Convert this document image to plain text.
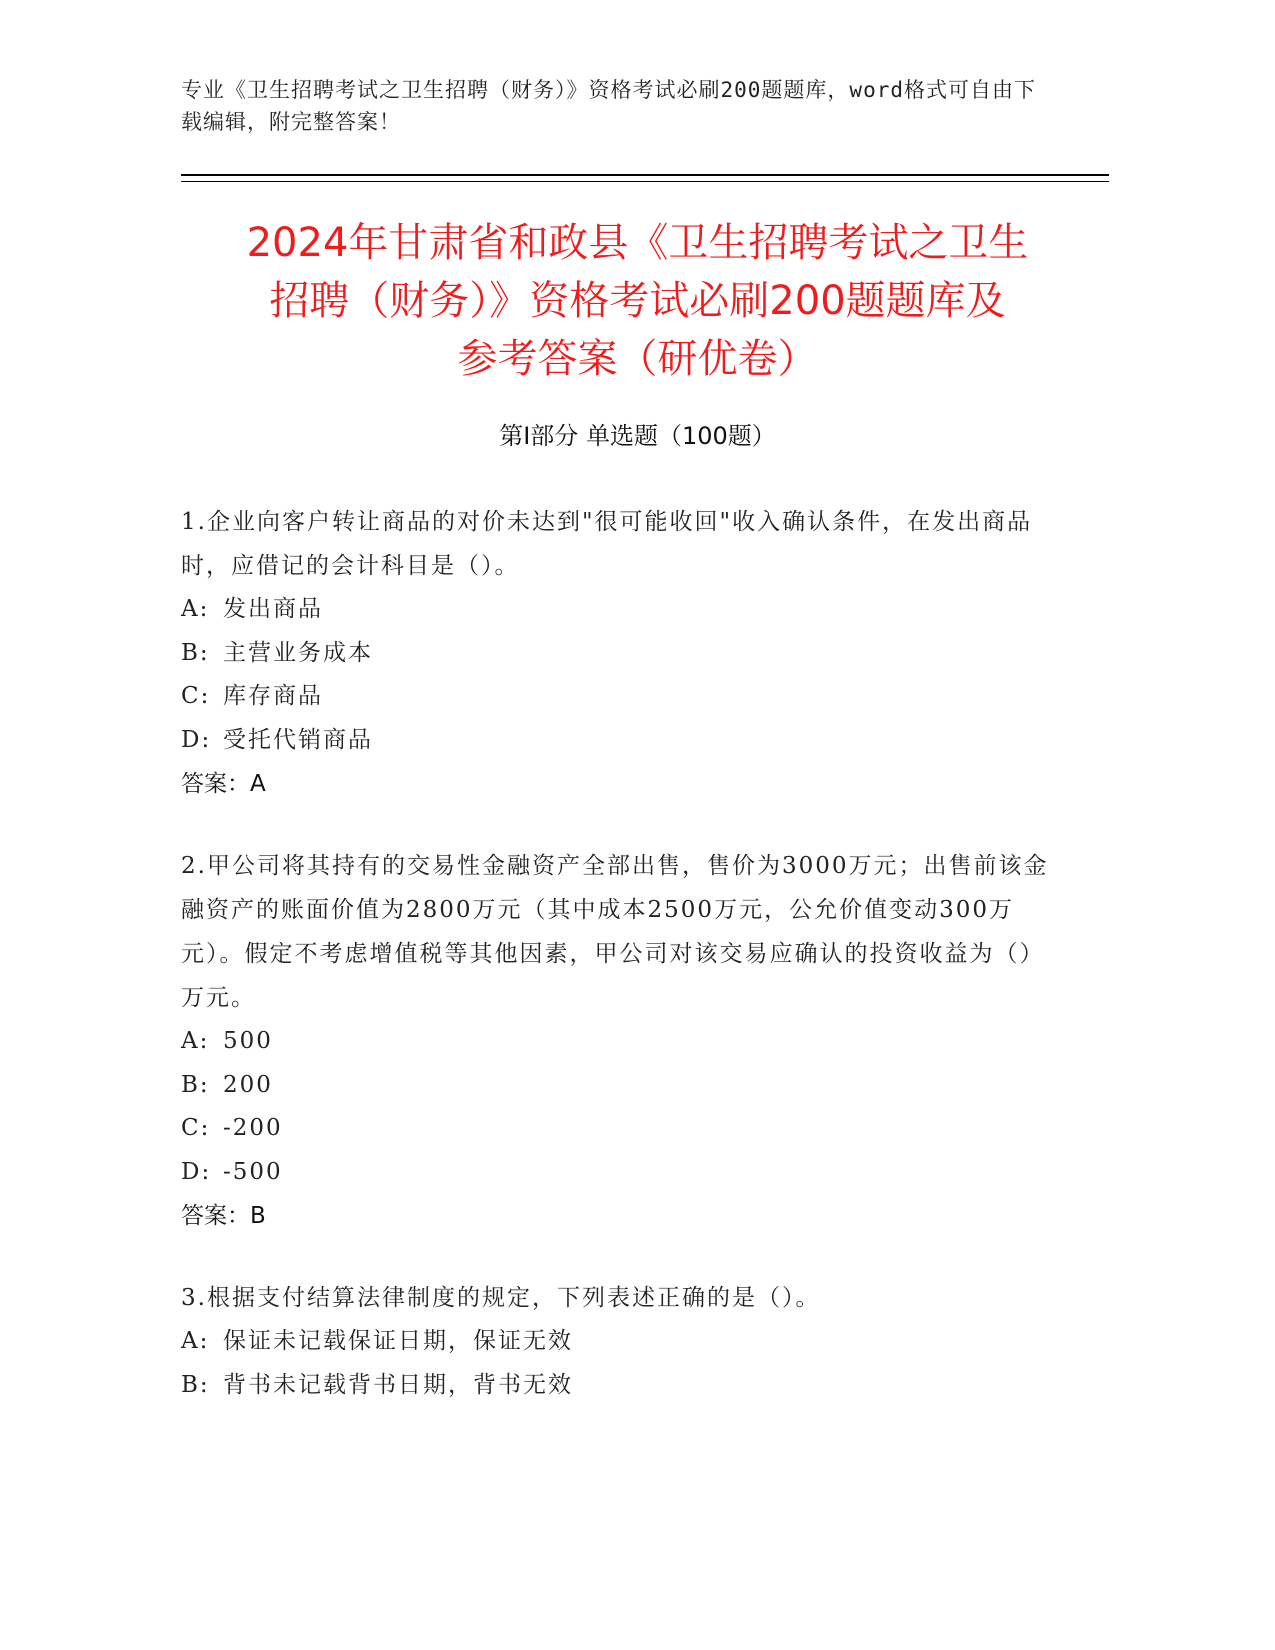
专业《卫生招聘考试之卫生招聘（财务）》资格考试必刷200题题库，word格式可自由下载编辑，附完整答案！
2024年甘肃省和政县《卫生招聘考试之卫生
招聘（财务）》资格考试必刷200题题库及
参考答案（研优卷）
第I部分 单选题（100题）
1.企业向客户转让商品的对价未达到"很可能收回"收入确认条件，在发出商品时，应借记的会计科目是（）。
A: 发出商品
B: 主营业务成本
C: 库存商品
D: 受托代销商品
答案：A
2.甲公司将其持有的交易性金融资产全部出售，售价为3000万元；出售前该金融资产的账面价值为2800万元（其中成本2500万元，公允价值变动300万元）。假定不考虑增值税等其他因素，甲公司对该交易应确认的投资收益为（）万元。
A: 500
B: 200
C: -200
D: -500
答案：B
3.根据支付结算法律制度的规定，下列表述正确的是（）。
A: 保证未记载保证日期，保证无效
B: 背书未记载背书日期，背书无效
